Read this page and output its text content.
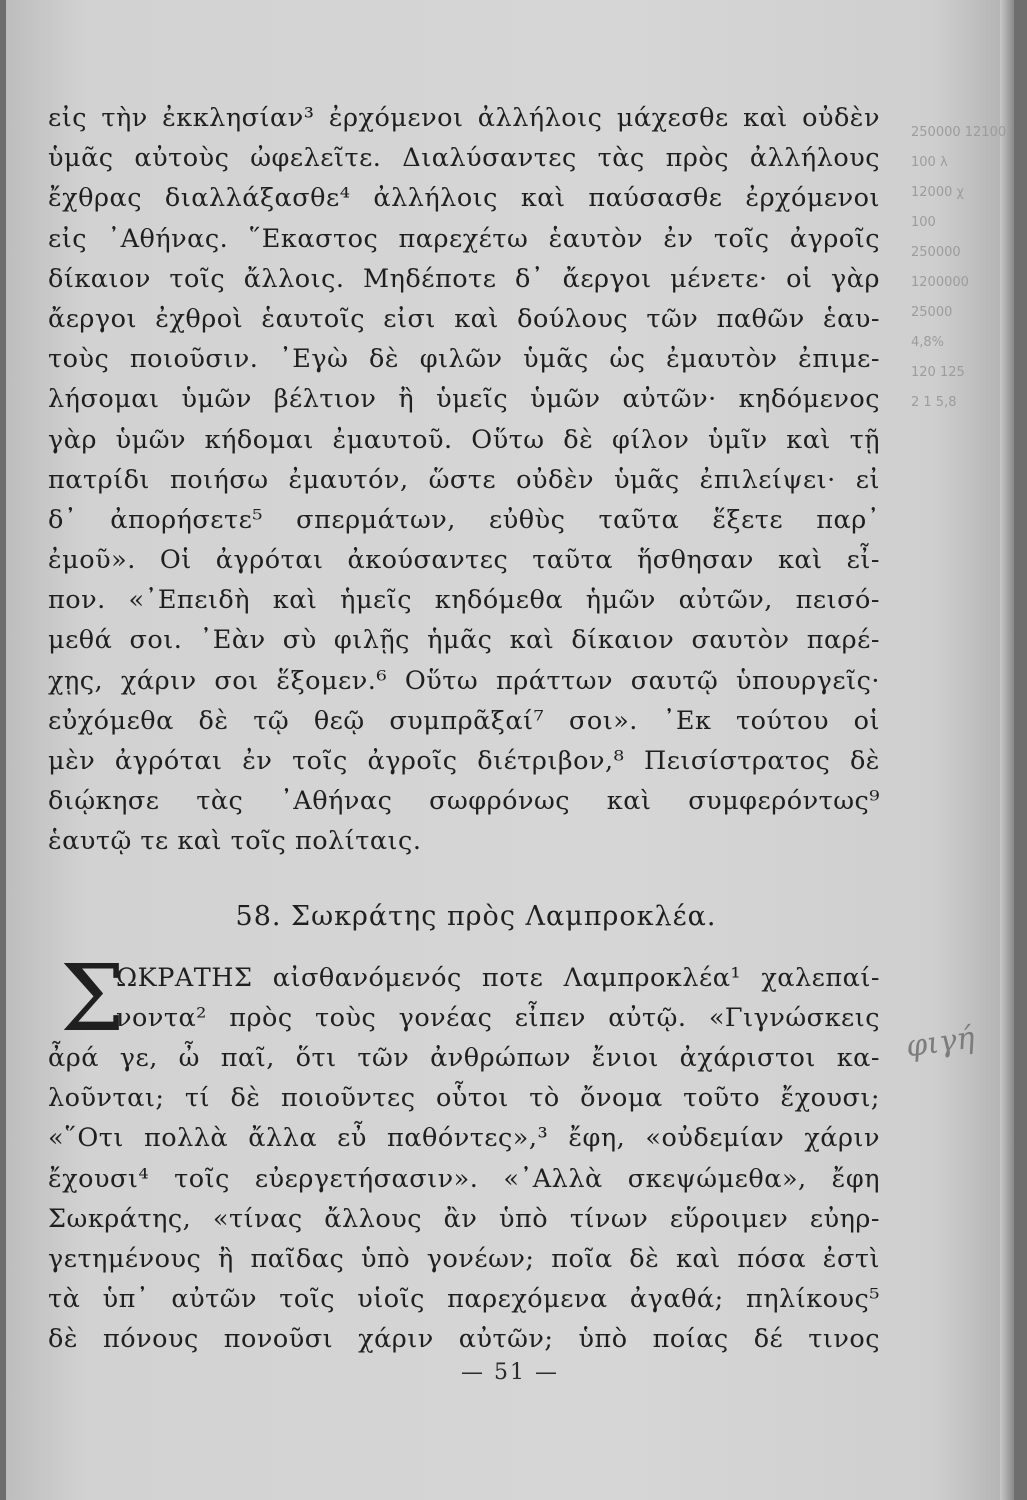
εἰς τὴν ἐκκλησίαν³ ἐρχόμενοι ἀλλήλοις μάχεσθε καὶ οὐδὲν
ὑμᾶς αὐτοὺς ὠφελεῖτε. Διαλύσαντες τὰς πρὸς ἀλλήλους
ἔχθρας διαλλάξασθε⁴ ἀλλήλοις καὶ παύσασθε ἐρχόμενοι
εἰς ᾿Αθήνας. ῞Εκαστος παρεχέτω ἑαυτὸν ἐν τοῖς ἀγροῖς
δίκαιον τοῖς ἄλλοις. Μηδέποτε δ᾿ ἄεργοι μένετε· οἱ γὰρ
ἄεργοι ἐχθροὶ ἑαυτοῖς εἰσι καὶ δούλους τῶν παθῶν ἑαυ-
τοὺς ποιοῦσιν. ᾿Εγὼ δὲ φιλῶν ὑμᾶς ὡς ἐμαυτὸν ἐπιμε-
λήσομαι ὑμῶν βέλτιον ἢ ὑμεῖς ὑμῶν αὐτῶν· κηδόμενος
γὰρ ὑμῶν κήδομαι ἐμαυτοῦ. Οὕτω δὲ φίλον ὑμῖν καὶ τῇ
πατρίδι ποιήσω ἐμαυτόν, ὥστε οὐδὲν ὑμᾶς ἐπιλείψει· εἰ
δ᾿ ἀπορήσετε⁵ σπερμάτων, εὐθὺς ταῦτα ἕξετε παρ᾿
ἐμοῦ». Οἱ ἀγρόται ἀκούσαντες ταῦτα ἥσθησαν καὶ εἶ-
πον. «᾿Επειδὴ καὶ ἡμεῖς κηδόμεθα ἡμῶν αὐτῶν, πεισό-
μεθά σοι. ᾿Εὰν σὺ φιλῇς ἡμᾶς καὶ δίκαιον σαυτὸν παρέ-
χῃς, χάριν σοι ἕξομεν.⁶ Οὕτω πράττων σαυτῷ ὑπουργεῖς·
εὐχόμεθα δὲ τῷ θεῷ συμπρᾶξαί⁷ σοι». ᾿Εκ τούτου οἱ
μὲν ἀγρόται ἐν τοῖς ἀγροῖς διέτριβον,⁸ Πεισίστρατος δὲ
διῴκησε τὰς ᾿Αθήνας σωφρόνως καὶ συμφερόντως⁹
ἑαυτῷ τε καὶ τοῖς πολίταις.
58. Σωκράτης πρὸς Λαμπροκλέα.
Σ
ΩΚΡΑΤΗΣ αἰσθανόμενός ποτε Λαμπροκλέα¹ χαλεπαί-
νοντα² πρὸς τοὺς γονέας εἶπεν αὐτῷ. «Γιγνώσκεις
ἆρά γε, ὦ παῖ, ὅτι τῶν ἀνθρώπων ἔνιοι ἀχάριστοι κα-
λοῦνται; τί δὲ ποιοῦντες οὗτοι τὸ ὄνομα τοῦτο ἔχουσι;
«῞Οτι πολλὰ ἄλλα εὖ παθόντες»,³ ἔφη, «οὐδεμίαν χάριν
ἔχουσι⁴ τοῖς εὐεργετήσασιν». «᾿Αλλὰ σκεψώμεθα», ἔφη
Σωκράτης, «τίνας ἄλλους ἂν ὑπὸ τίνων εὕροιμεν εὐηρ-
γετημένους ἢ παῖδας ὑπὸ γονέων; ποῖα δὲ καὶ πόσα ἐστὶ
τὰ ὑπ᾿ αὐτῶν τοῖς υἱοῖς παρεχόμενα ἀγαθά; πηλίκους⁵
δὲ πόνους πονοῦσι χάριν αὐτῶν; ὑπὸ ποίας δέ τινος
— 51 —
250000 12100
100 λ
12000 χ
100
250000
1200000
25000
4,8%
120 125
2 1 5,8
φιγή
